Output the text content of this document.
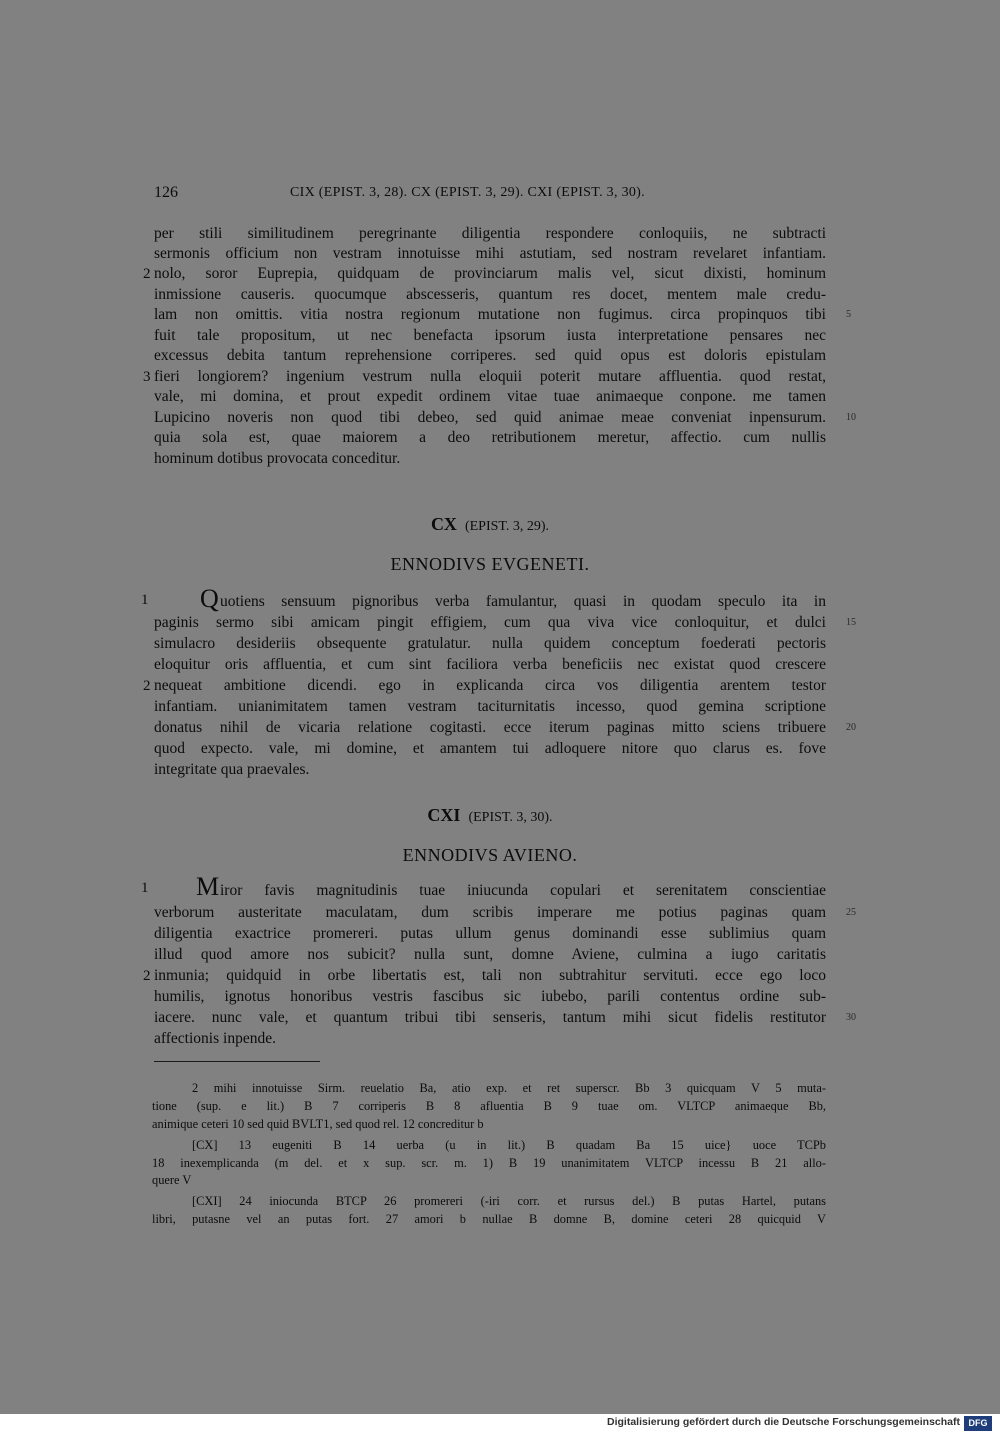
126	CIX (EPIST. 3, 28). CX (EPIST. 3, 29). CXI (EPIST. 3, 30).
per stili similitudinem peregrinante diligentia respondere conloquiis, ne subtracti
sermonis officium non vestram innotuisse mihi astutiam, sed nostram revelaret infantiam.
nolo, soror Euprepia, quidquam de provinciarum malis vel, sicut dixisti, hominum
inmissione causeris. quocumque abscesseris, quantum res docet, mentem male credu-
lam non omittis. vitia nostra regionum mutatione non fugimus. circa propinquos tibi
fuit tale propositum, ut nec benefacta ipsorum iusta interpretatione pensares nec
excessus debita tantum reprehensione corriperes. sed quid opus est doloris epistulam
fieri longiorem? ingenium vestrum nulla eloquii poterit mutare affluentia. quod restat,
vale, mi domina, et prout expedit ordinem vitae tuae animaeque conpone. me tamen
Lupicino noveris non quod tibi debeo, sed quid animae meae conveniat inpensurum.
quia sola est, quae maiorem a deo retributionem meretur, affectio. cum nullis
hominum dotibus provocata conceditur.
2
3
5
10
CX (EPIST. 3, 29).
ENNODIVS EVGENETI.
1 Q uotiens sensuum pignoribus verba famulantur, quasi in quodam speculo ita in
paginis sermo sibi amicam pingit effigiem, cum qua viva vice conloquitur, et dulci
simulacro desideriis obsequente gratulatur. nulla quidem conceptum foederati pectoris
eloquitur oris affluentia, et cum sint faciliora verba beneficiis nec existat quod crescere
nequeat ambitione dicendi. ego in explicanda circa vos diligentia arentem testor
infantiam. unianimitatem tamen vestram taciturnitatis incesso, quod gemina scriptione
donatus nihil de vicaria relatione cogitasti. ecce iterum paginas mitto sciens tribuere
quod expecto. vale, mi domine, et amantem tui adloquere nitore quo clarus es. fove
integritate qua praevales.
2
15
20
CXI (EPIST. 3, 30).
ENNODIVS AVIENO.
1 M iror favis magnitudinis tuae iniucunda copulari et serenitatem conscientiae
verborum austeritate maculatam, dum scribis imperare me potius paginas quam
diligentia exactrice promereri. putas ullum genus dominandi esse sublimius quam
illud quod amore nos subicit? nulla sunt, domne Aviene, culmina a iugo caritatis
inmunia; quidquid in orbe libertatis est, tali non subtrahitur servituti. ecce ego loco
humilis, ignotus honoribus vestris fascibus sic iubebo, parili contentus ordine sub-
iacere. nunc vale, et quantum tribui tibi senseris, tantum mihi sicut fidelis restitutor
affectionis inpende.
2
25
30
2 mihi innotuisse Sirm. reuelatio Ba, atio exp. et ret superscr. Bb 3 quicquam V 5 muta-
tione (sup. e lit.) B 7 corriperis B 8 afluentia B 9 tuae om. VLTCP animaeque Bb,
animique ceteri 10 sed quid BVLT1, sed quod rel. 12 concreditur b
[CX] 13 eugeniti B 14 uerba (u in lit.) B quadam Ba 15 uice} uoce TCPb
18 inexemplicanda (m del. et x sup. scr. m. 1) B 19 unanimitatem VLTCP incessu B 21 allo-
quere V
[CXI] 24 iniocunda BTCP 26 promereri (-iri corr. et rursus del.) B putas Hartel, putans
libri, putasne vel an putas fort. 27 amori b nullae B domne B, domine ceteri 28 quicquid V
Digitalisierung gefördert durch die Deutsche Forschungsgemeinschaft DFG
